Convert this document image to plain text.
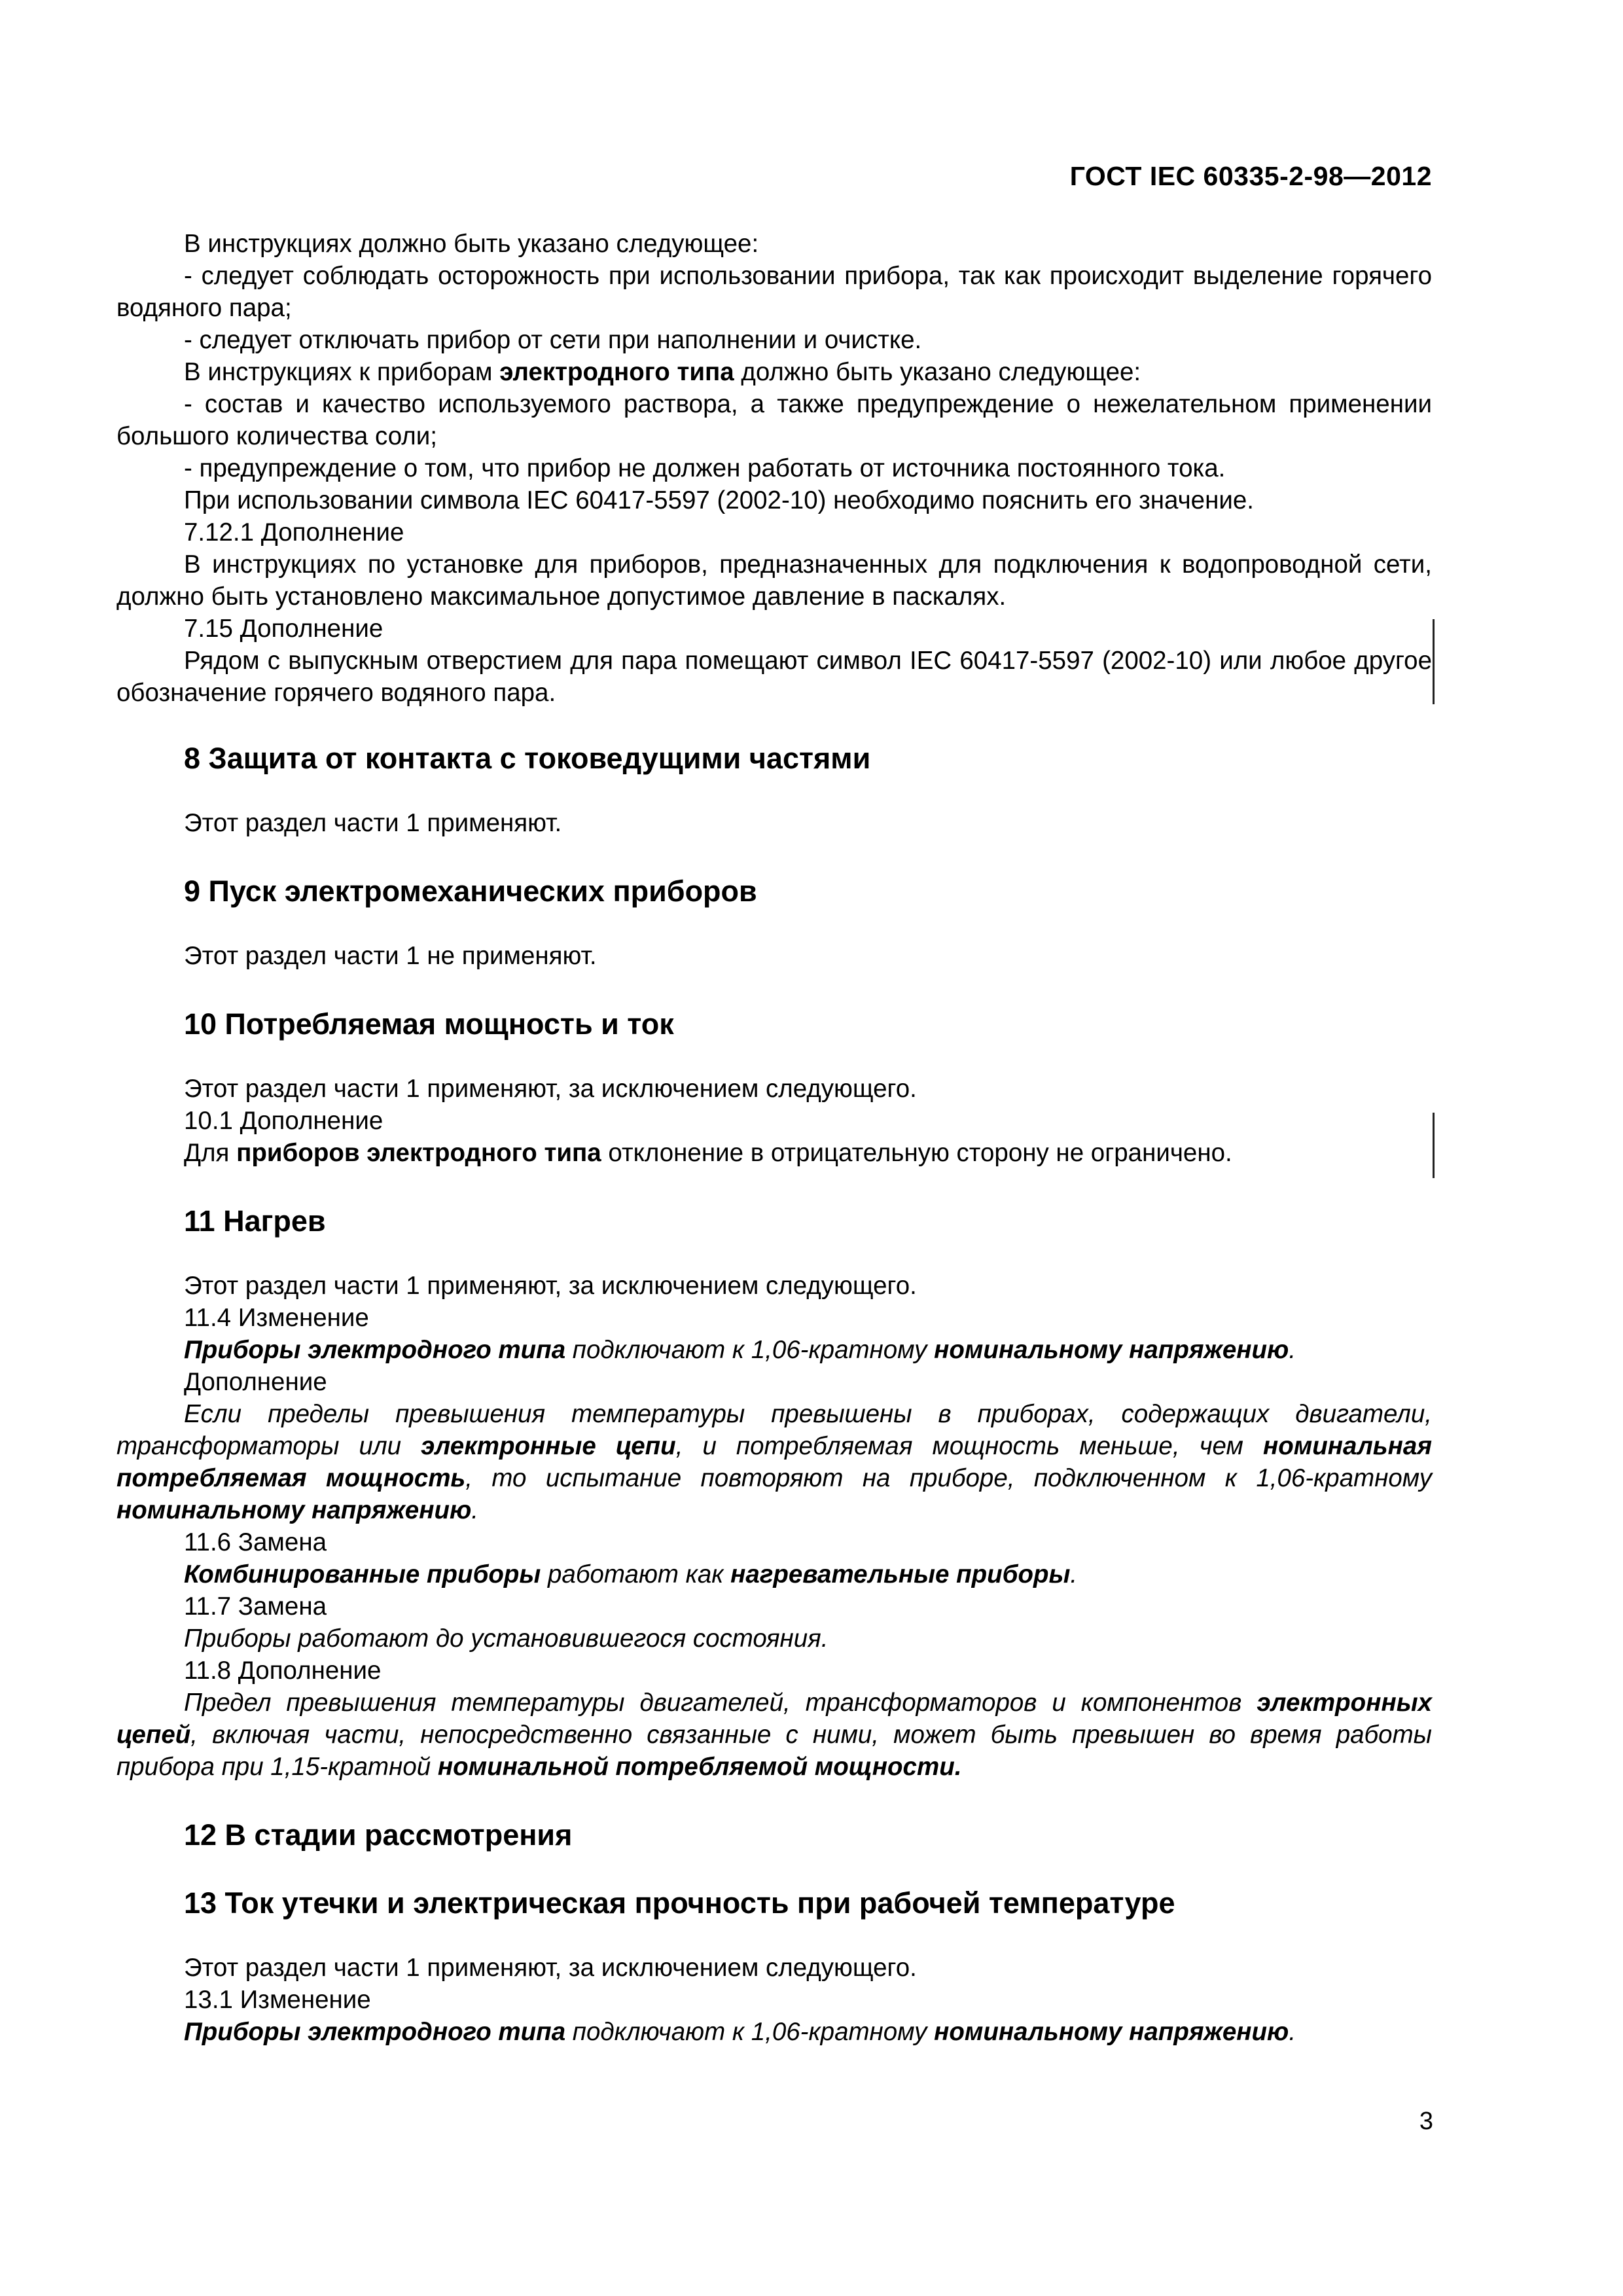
ГОСТ IEC 60335-2-98—2012

В инструкциях должно быть указано следующее:

- следует соблюдать осторожность при использовании прибора, так как происходит выделение горячего водяного пара;

- следует отключать прибор от сети при наполнении и очистке.

В инструкциях к приборам электродного типа должно быть указано следующее:

- состав и качество используемого раствора, а также предупреждение о нежелательном применении большого количества соли;

- предупреждение о том, что прибор не должен работать от источника постоянного тока.

При использовании символа IEC 60417-5597 (2002-10) необходимо пояснить его значение.

7.12.1 Дополнение

В инструкциях по установке для приборов, предназначенных для подключения к водопроводной сети, должно быть установлено максимальное допустимое давление в паскалях.

7.15 Дополнение

Рядом с выпускным отверстием для пара помещают символ IEC 60417-5597 (2002-10) или любое другое обозначение горячего водяного пара.

8 Защита от контакта с токоведущими частями

Этот раздел части 1 применяют.

9 Пуск электромеханических приборов

Этот раздел части 1 не применяют.

10 Потребляемая мощность и ток

Этот раздел части 1 применяют, за исключением следующего.

10.1 Дополнение

Для приборов электродного типа отклонение в отрицательную сторону не ограничено.

11 Нагрев

Этот раздел части 1 применяют, за исключением следующего.

11.4 Изменение

Приборы электродного типа подключают к 1,06-кратному номинальному напряжению.

Дополнение

Если пределы превышения температуры превышены в приборах, содержащих двигатели, трансформаторы или электронные цепи, и потребляемая мощность меньше, чем номинальная потребляемая мощность, то испытание повторяют на приборе, подключенном к 1,06-кратному номинальному напряжению.

11.6 Замена

Комбинированные приборы работают как нагревательные приборы.

11.7 Замена

Приборы работают до установившегося состояния.

11.8 Дополнение

Предел превышения температуры двигателей, трансформаторов и компонентов электронных цепей, включая части, непосредственно связанные с ними, может быть превышен во время работы прибора при 1,15-кратной номинальной потребляемой мощности.

12 В стадии рассмотрения
13 Ток утечки и электрическая прочность при рабочей температуре

Этот раздел части 1 применяют, за исключением следующего.

13.1 Изменение

Приборы электродного типа подключают к 1,06-кратному номинальному напряжению.

3
